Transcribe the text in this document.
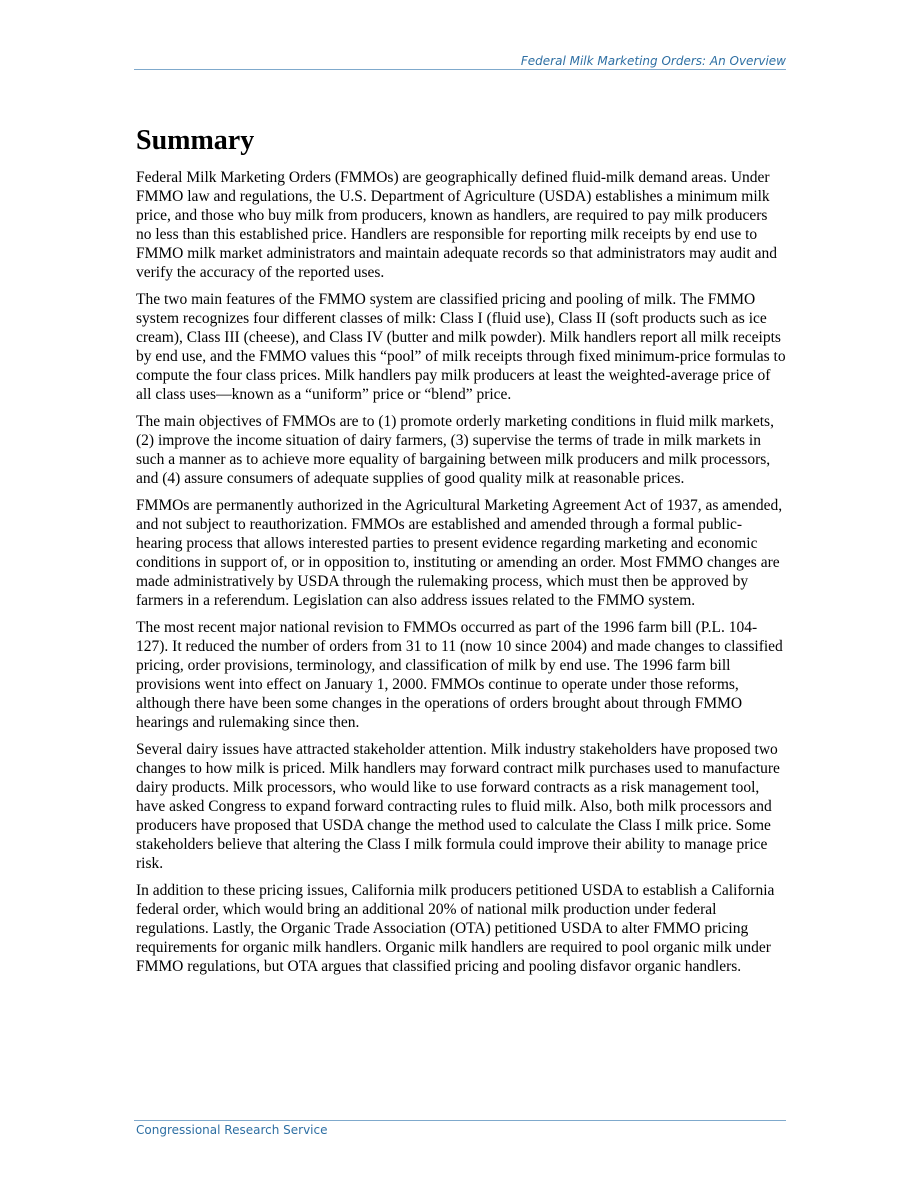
Federal Milk Marketing Orders: An Overview
Summary

Federal Milk Marketing Orders (FMMOs) are geographically defined fluid-milk demand areas. Under FMMO law and regulations, the U.S. Department of Agriculture (USDA) establishes a minimum milk price, and those who buy milk from producers, known as handlers, are required to pay milk producers no less than this established price. Handlers are responsible for reporting milk receipts by end use to FMMO milk market administrators and maintain adequate records so that administrators may audit and verify the accuracy of the reported uses.

The two main features of the FMMO system are classified pricing and pooling of milk. The FMMO system recognizes four different classes of milk: Class I (fluid use), Class II (soft products such as ice cream), Class III (cheese), and Class IV (butter and milk powder). Milk handlers report all milk receipts by end use, and the FMMO values this “pool” of milk receipts through fixed minimum-price formulas to compute the four class prices. Milk handlers pay milk producers at least the weighted-average price of all class uses—known as a “uniform” price or “blend” price.

The main objectives of FMMOs are to (1) promote orderly marketing conditions in fluid milk markets, (2) improve the income situation of dairy farmers, (3) supervise the terms of trade in milk markets in such a manner as to achieve more equality of bargaining between milk producers and milk processors, and (4) assure consumers of adequate supplies of good quality milk at reasonable prices.

FMMOs are permanently authorized in the Agricultural Marketing Agreement Act of 1937, as amended, and not subject to reauthorization. FMMOs are established and amended through a formal public-hearing process that allows interested parties to present evidence regarding marketing and economic conditions in support of, or in opposition to, instituting or amending an order. Most FMMO changes are made administratively by USDA through the rulemaking process, which must then be approved by farmers in a referendum. Legislation can also address issues related to the FMMO system.

The most recent major national revision to FMMOs occurred as part of the 1996 farm bill (P.L. 104-127). It reduced the number of orders from 31 to 11 (now 10 since 2004) and made changes to classified pricing, order provisions, terminology, and classification of milk by end use. The 1996 farm bill provisions went into effect on January 1, 2000. FMMOs continue to operate under those reforms, although there have been some changes in the operations of orders brought about through FMMO hearings and rulemaking since then.

Several dairy issues have attracted stakeholder attention. Milk industry stakeholders have proposed two changes to how milk is priced. Milk handlers may forward contract milk purchases used to manufacture dairy products. Milk processors, who would like to use forward contracts as a risk management tool, have asked Congress to expand forward contracting rules to fluid milk. Also, both milk processors and producers have proposed that USDA change the method used to calculate the Class I milk price. Some stakeholders believe that altering the Class I milk formula could improve their ability to manage price risk.

In addition to these pricing issues, California milk producers petitioned USDA to establish a California federal order, which would bring an additional 20% of national milk production under federal regulations. Lastly, the Organic Trade Association (OTA) petitioned USDA to alter FMMO pricing requirements for organic milk handlers. Organic milk handlers are required to pool organic milk under FMMO regulations, but OTA argues that classified pricing and pooling disfavor organic handlers.

Congressional Research Service
